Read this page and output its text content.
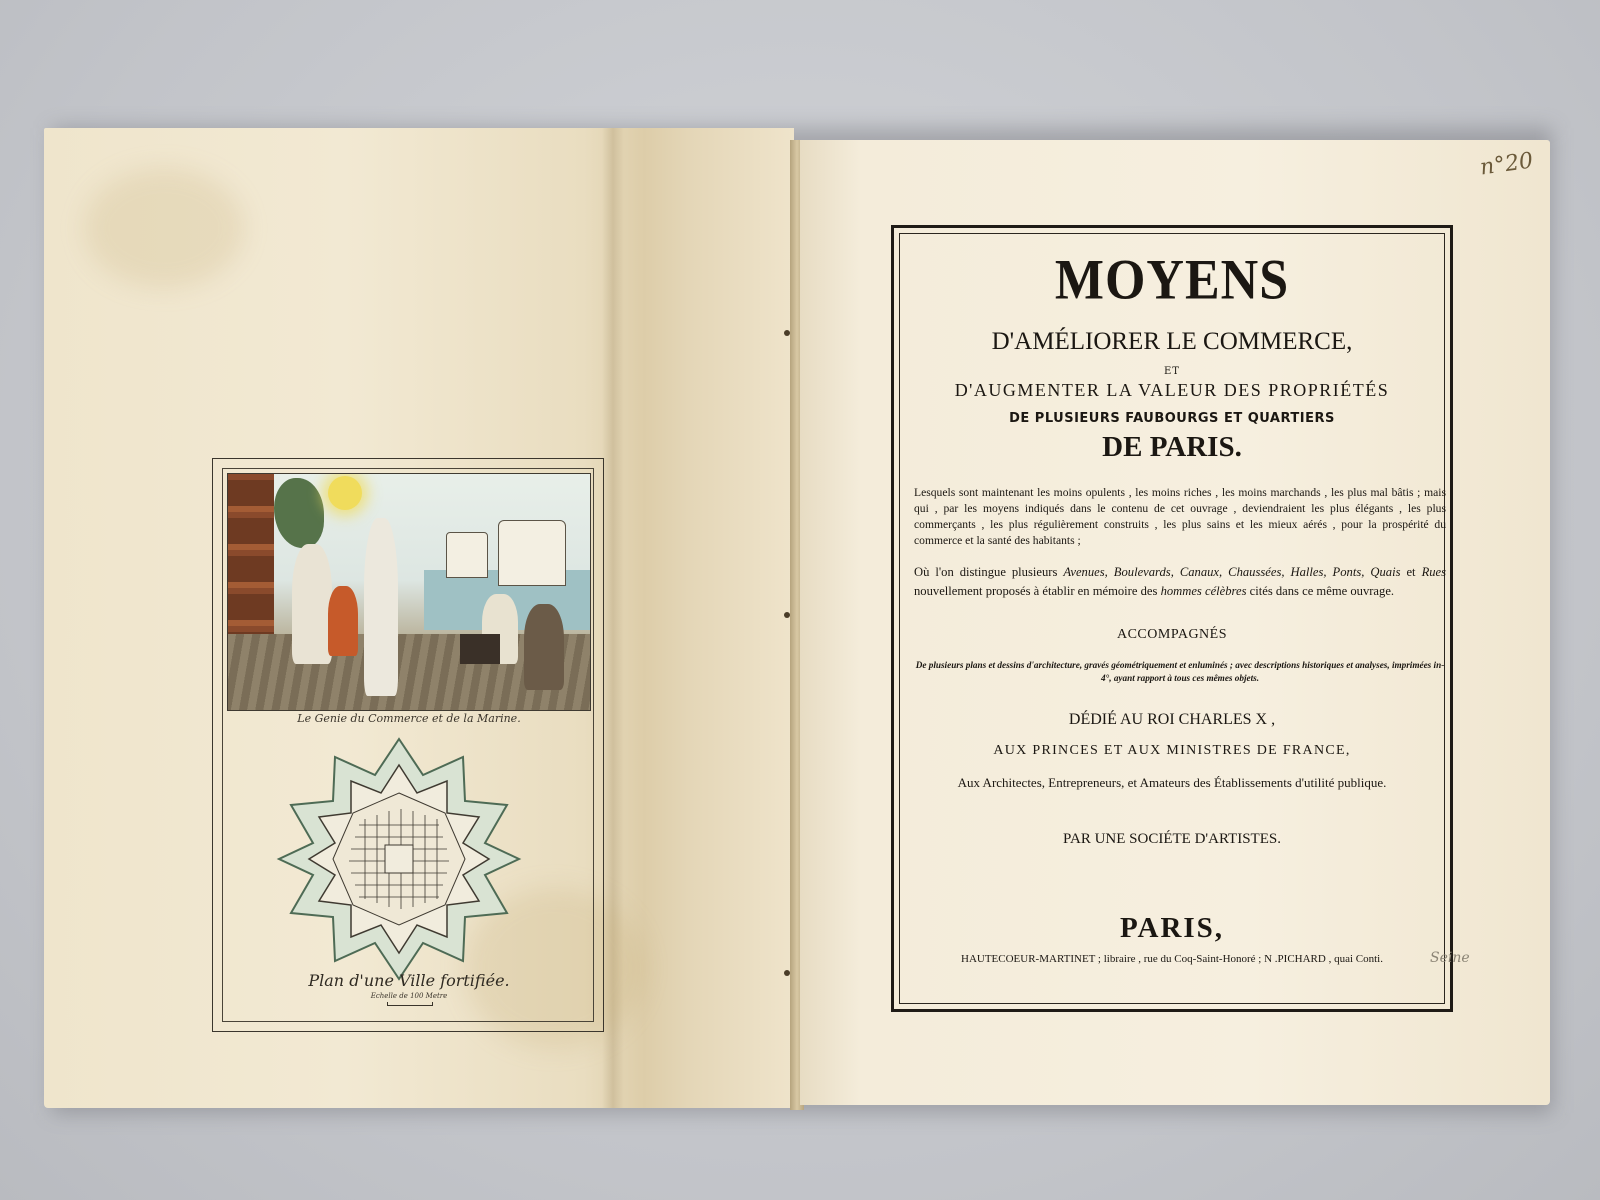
Le Genie du Commerce et de la Marine.
Plan d'une Ville fortifiée.
Echelle de 100 Metre
n°20
MOYENS
D'AMÉLIORER LE COMMERCE,
ET
D'AUGMENTER LA VALEUR DES PROPRIÉTÉS
DE PLUSIEURS FAUBOURGS ET QUARTIERS
DE PARIS.
Lesquels sont maintenant les moins opulents , les moins riches , les moins marchands , les plus mal bâtis ; mais qui , par les moyens indiqués dans le contenu de cet ouvrage , deviendraient les plus élégants , les plus commerçants , les plus régulièrement construits , les plus sains et les mieux aérés , pour la prospérité du commerce et la santé des habitants ;
Où l'on distingue plusieurs Avenues, Boulevards, Canaux, Chaussées, Halles, Ponts, Quais et Rues nouvellement proposés à établir en mémoire des hommes célèbres cités dans ce même ouvrage.
ACCOMPAGNÉS
De plusieurs plans et dessins d'architecture, gravés géométriquement et enluminés ; avec descriptions historiques et analyses, imprimées in-4°, ayant rapport à tous ces mêmes objets.
DÉDIÉ AU ROI CHARLES X ,
AUX PRINCES ET AUX MINISTRES DE FRANCE,
Aux Architectes, Entrepreneurs, et Amateurs des Établissements d'utilité publique.
PAR UNE SOCIÉTE D'ARTISTES.
PARIS,
HAUTECOEUR-MARTINET ; libraire , rue du Coq-Saint-Honoré ; N .PICHARD , quai Conti.	Seine
